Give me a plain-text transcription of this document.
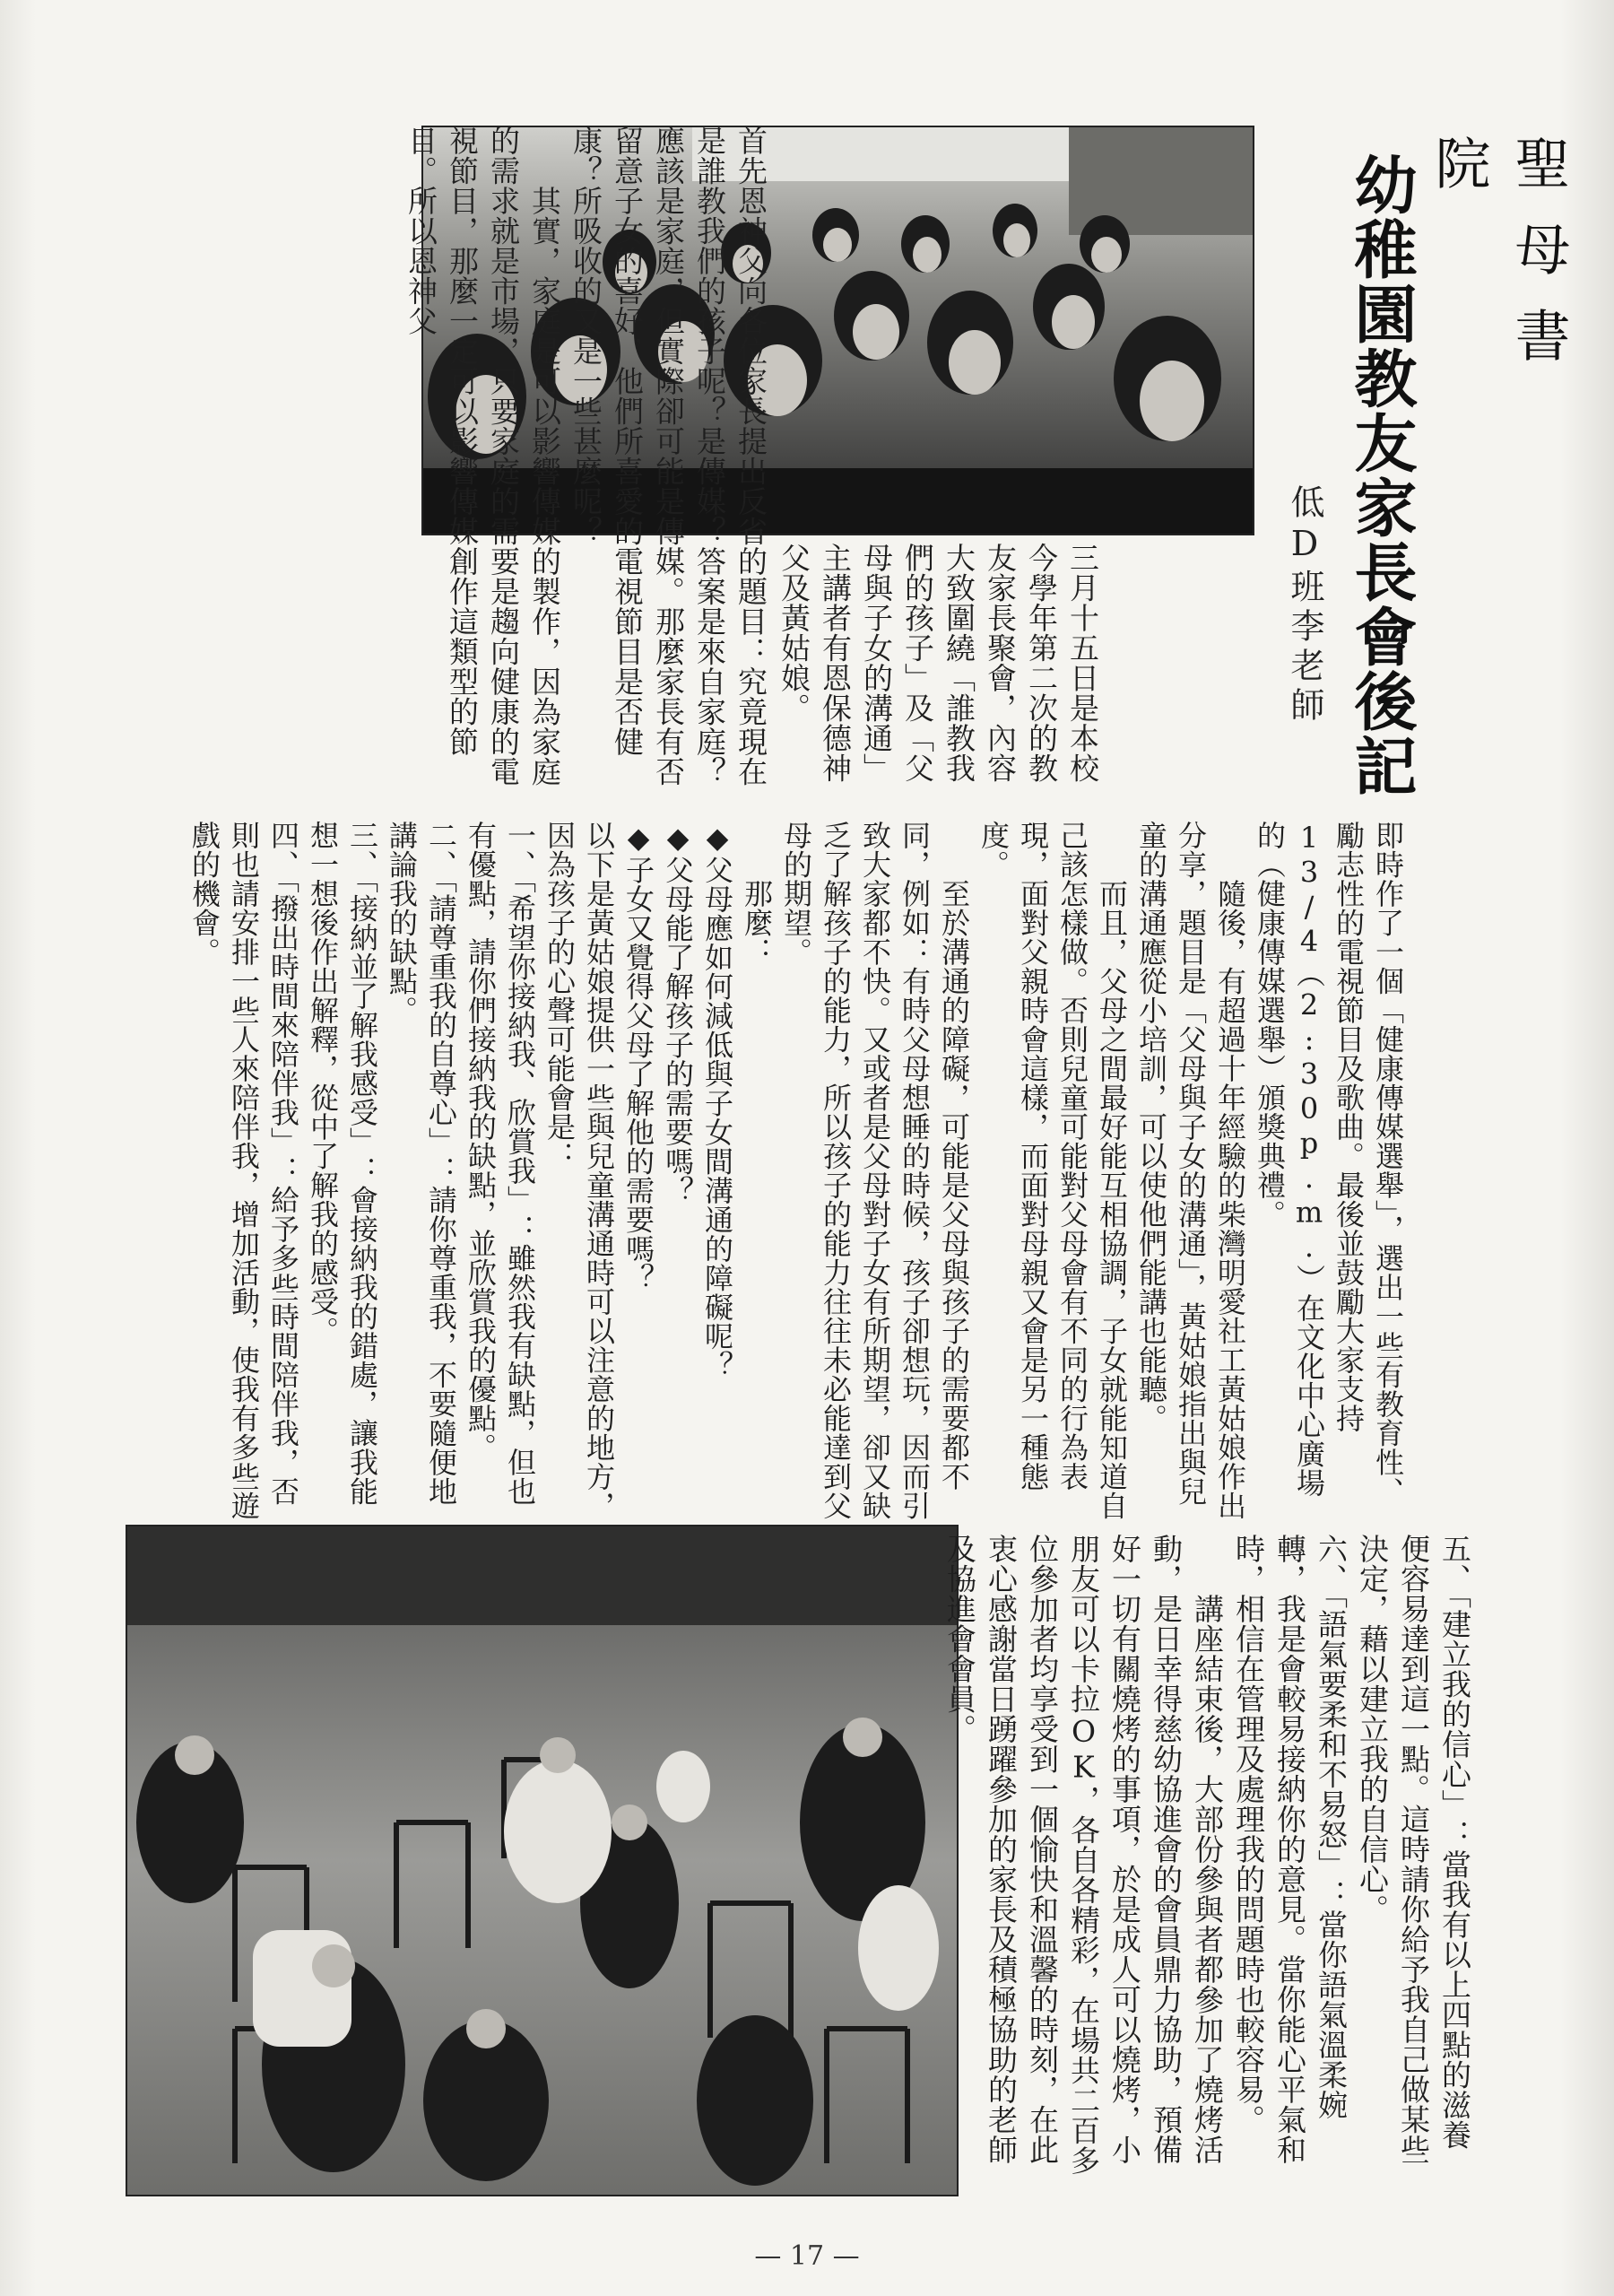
聖母書院
幼稚園教友家長會後記
低D班李老師
三月十五日是本校今學年第二次的教友家長聚會，內容大致圍繞「誰教我們的孩子」及「父母與子女的溝通」主講者有恩保德神父及黃姑娘。
首先恩神父向各位家長提出反省的題目：究竟現在是誰教我們的孩子呢？是傳媒？答案是來自家庭？應該是家庭，但實際卻可能是傳媒。那麼家長有否留意子女的喜好，他們所喜愛的電視節目是否健康？所吸收的又是一些甚麼呢？
　　其實，家庭是可以影響傳媒的製作，因為家庭的需求就是市場，只要家庭的需要是趨向健康的電視節目，那麼一定可以影響傳媒創作這類型的節目。所以恩神父
即時作了一個「健康傳媒選舉」，選出一些有教育性、勵志性的電視節目及歌曲。最後並鼓勵大家支持13/4（2:30p.m.）在文化中心廣場的（健康傳媒選舉）頒獎典禮。
　　隨後，有超過十年經驗的柴灣明愛社工黃姑娘作出分享，題目是「父母與子女的溝通」，黃姑娘指出與兒童的溝通應從小培訓，可以使他們能講也能聽。
　　而且，父母之間最好能互相協調，子女就能知道自己該怎樣做。否則兒童可能對父母會有不同的行為表現，面對父親時會這樣，而面對母親又會是另一種態度。
　　至於溝通的障礙，可能是父母與孩子的需要都不同，例如：有時父母想睡的時候，孩子卻想玩，因而引致大家都不快。又或者是父母對子女有所期望，卻又缺乏了解孩子的能力，所以孩子的能力往往未必能達到父母的期望。
　　那麼：
◆父母應如何減低與子女間溝通的障礙呢？
◆父母能了解孩子的需要嗎？
◆子女又覺得父母了解他的需要嗎？
以下是黃姑娘提供一些與兒童溝通時可以注意的地方，因為孩子的心聲可能會是：
一、「希望你接納我、欣賞我」：雖然我有缺點，但也有優點，請你們接納我的缺點，並欣賞我的優點。
二、「請尊重我的自尊心」：請你尊重我，不要隨便地講論我的缺點。
三、「接納並了解我感受」：會接納我的錯處，讓我能想一想後作出解釋，從中了解我的感受。
四、「撥出時間來陪伴我」：給予多些時間陪伴我，否則也請安排一些人來陪伴我，增加活動，使我有多些遊戲的機會。
五、「建立我的信心」：當我有以上四點的滋養便容易達到這一點。這時請你給予我自己做某些決定，藉以建立我的自信心。
六、「語氣要柔和不易怒」：當你語氣溫柔婉轉，我是會較易接納你的意見。當你能心平氣和時，相信在管理及處理我的問題時也較容易。
　　講座結束後，大部份參與者都參加了燒烤活動，是日幸得慈幼協進會的會員鼎力協助，預備好一切有關燒烤的事項，於是成人可以燒烤，小朋友可以卡拉OK，各自各精彩，在場共二百多位參加者均享受到一個愉快和溫馨的時刻，在此衷心感謝當日踴躍參加的家長及積極協助的老師及協進會會員。
— 17 —
